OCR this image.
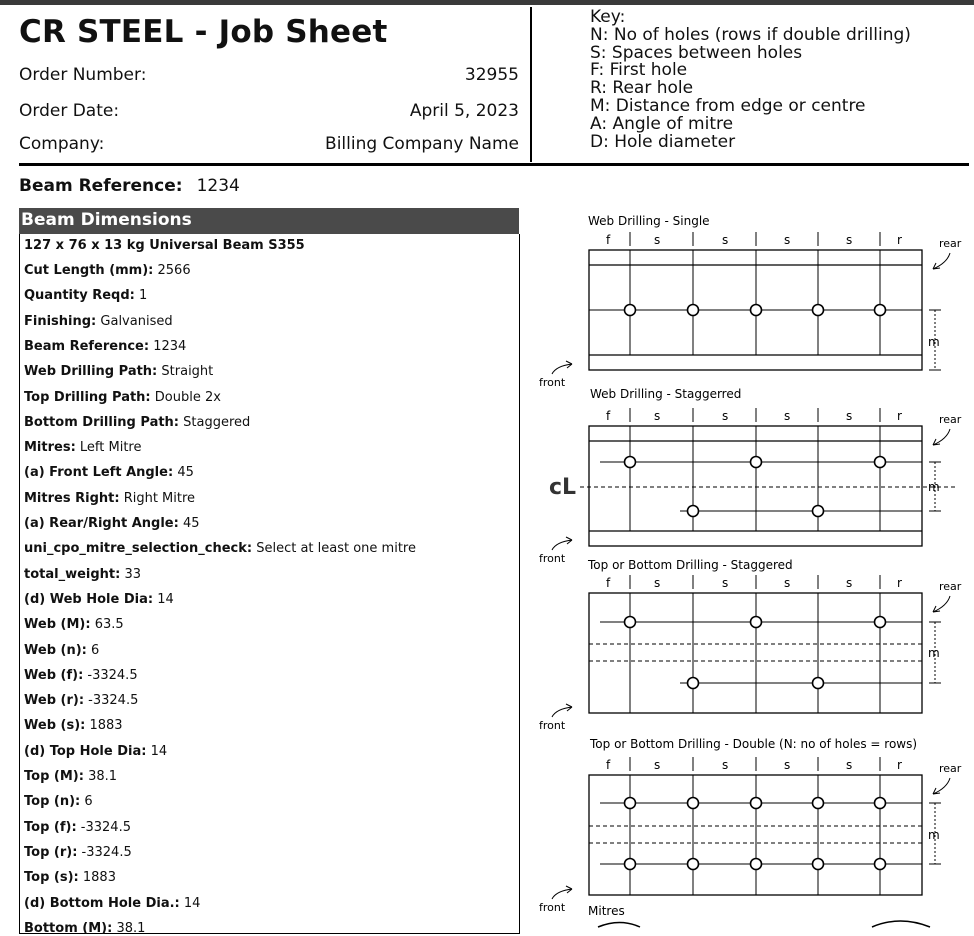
CR STEEL - Job Sheet
Order Number:	32955
Order Date:	April 5, 2023
Company:	Billing Company Name
Key:
N: No of holes (rows if double drilling)
S: Spaces between holes
F: First hole
R: Rear hole
M: Distance from edge or centre
A: Angle of mitre
D: Hole diameter
Beam Reference: 1234
Beam Dimensions
127 x 76 x 13 kg Universal Beam S355
Cut Length (mm): 2566
Quantity Reqd: 1
Finishing: Galvanised
Beam Reference: 1234
Web Drilling Path: Straight
Top Drilling Path: Double 2x
Bottom Drilling Path: Staggered
Mitres: Left Mitre
(a) Front Left Angle: 45
Mitres Right: Right Mitre
(a) Rear/Right Angle: 45
uni_cpo_mitre_selection_check: Select at least one mitre
total_weight: 33
(d) Web Hole Dia: 14
Web (M): 63.5
Web (n): 6
Web (f): -3324.5
Web (r): -3324.5
Web (s): 1883
(d) Top Hole Dia: 14
Top (M): 38.1
Top (n): 6
Top (f): -3324.5
Top (r): -3324.5
Top (s): 1883
(d) Bottom Hole Dia.: 14
Bottom (M): 38.1
Web Drilling - Single
f	s	s	s	s	r	rear
m
front
Web Drilling - Staggerred
f	s	s	s	s	r
cL
rear
m
front Top or Bottom Drilling - Staggered
f	s	s	s	s	r	rear
m
front
Top or Bottom Drilling - Double (N: no of holes = rows)
f	s	s	s	s	r	rear
m
front Mitres
